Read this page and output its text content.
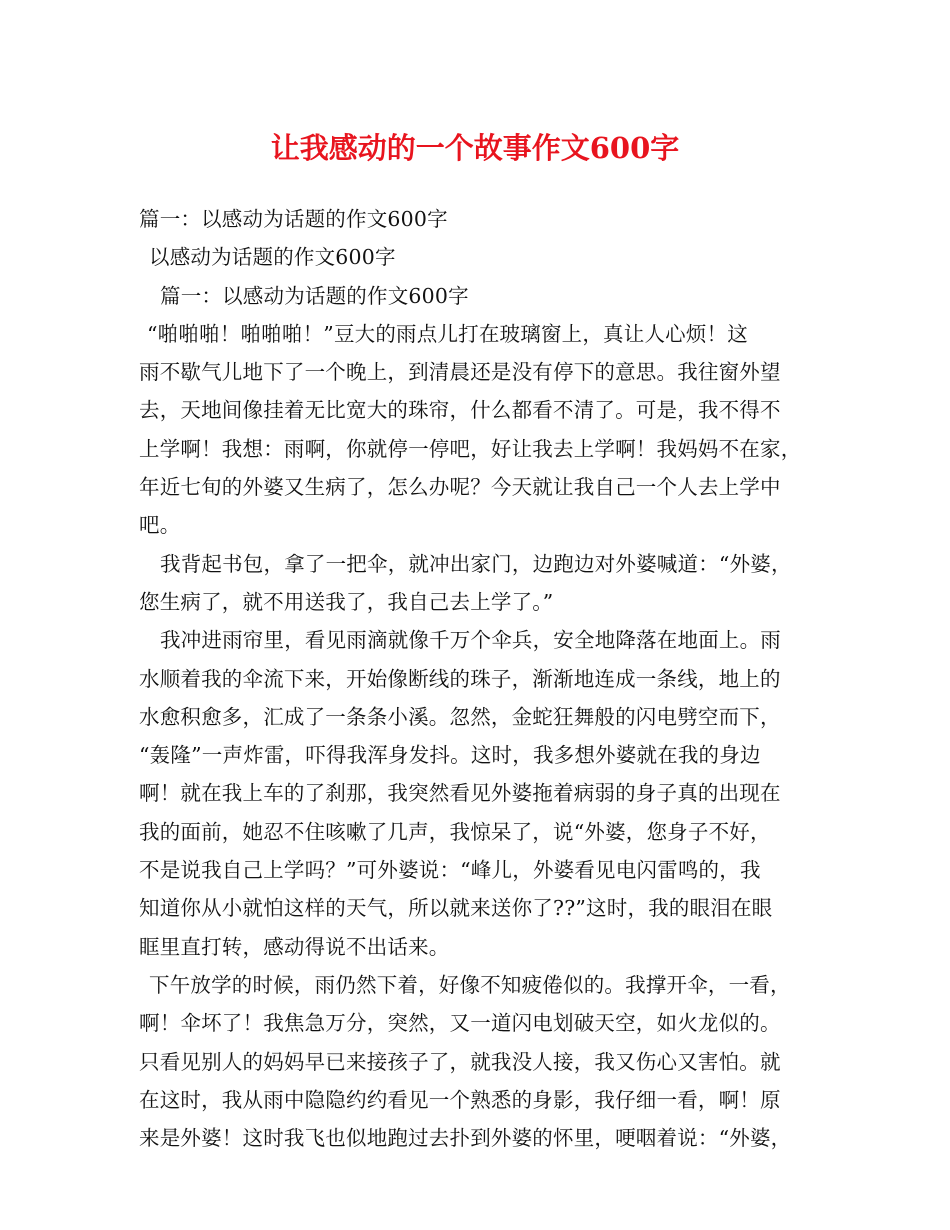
让我感动的一个故事作文600字
篇一：以感动为话题的作文600字
以感动为话题的作文600字
篇一：以感动为话题的作文600字
“啪啪啪！啪啪啪！”豆大的雨点儿打在玻璃窗上，真让人心烦！这
雨不歇气儿地下了一个晚上，到清晨还是没有停下的意思。我往窗外望
去，天地间像挂着无比宽大的珠帘，什么都看不清了。可是，我不得不
上学啊！我想：雨啊，你就停一停吧，好让我去上学啊！我妈妈不在家，
年近七旬的外婆又生病了，怎么办呢？今天就让我自己一个人去上学中
吧。
我背起书包，拿了一把伞，就冲出家门，边跑边对外婆喊道：“外婆，
您生病了，就不用送我了，我自己去上学了。”
我冲进雨帘里，看见雨滴就像千万个伞兵，安全地降落在地面上。雨
水顺着我的伞流下来，开始像断线的珠子，渐渐地连成一条线，地上的
水愈积愈多，汇成了一条条小溪。忽然，金蛇狂舞般的闪电劈空而下，
“轰隆”一声炸雷，吓得我浑身发抖。这时，我多想外婆就在我的身边
啊！就在我上车的了刹那，我突然看见外婆拖着病弱的身子真的出现在
我的面前，她忍不住咳嗽了几声，我惊呆了，说“外婆，您身子不好，
不是说我自己上学吗？”可外婆说：“峰儿，外婆看见电闪雷鸣的，我
知道你从小就怕这样的天气，所以就来送你了??”这时，我的眼泪在眼
眶里直打转，感动得说不出话来。
下午放学的时候，雨仍然下着，好像不知疲倦似的。我撑开伞，一看，
啊！伞坏了！我焦急万分，突然，又一道闪电划破天空，如火龙似的。
只看见别人的妈妈早已来接孩子了，就我没人接，我又伤心又害怕。就
在这时，我从雨中隐隐约约看见一个熟悉的身影，我仔细一看，啊！原
来是外婆！这时我飞也似地跑过去扑到外婆的怀里，哽咽着说：“外婆，
